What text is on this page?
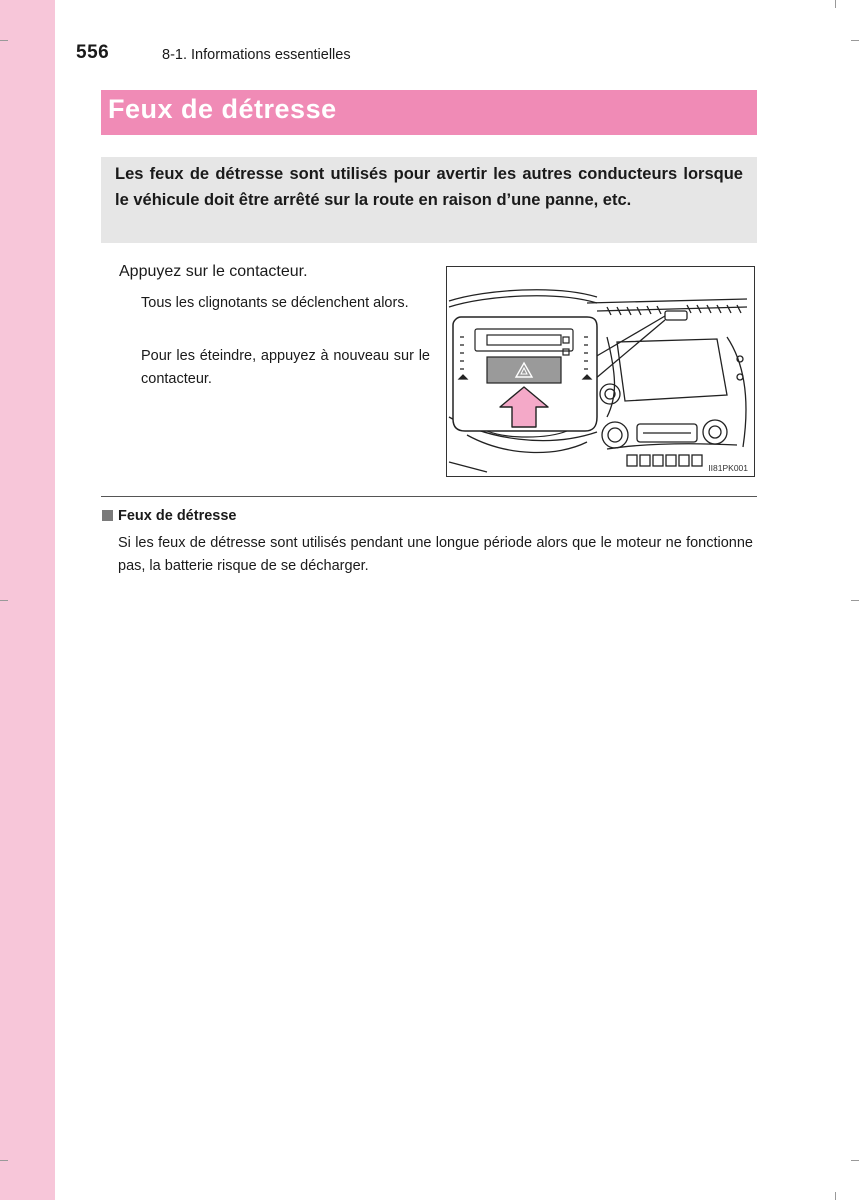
556	8-1. Informations essentielles
Feux de détresse
Les feux de détresse sont utilisés pour avertir les autres conducteurs lorsque le véhicule doit être arrêté sur la route en raison d’une panne, etc.
Appuyez sur le contacteur.
Tous les clignotants se déclenchent alors.
Pour les éteindre, appuyez à nouveau sur le contacteur.
II81PK001
Feux de détresse
Si les feux de détresse sont utilisés pendant une longue période alors que le moteur ne fonctionne pas, la batterie risque de se décharger.
